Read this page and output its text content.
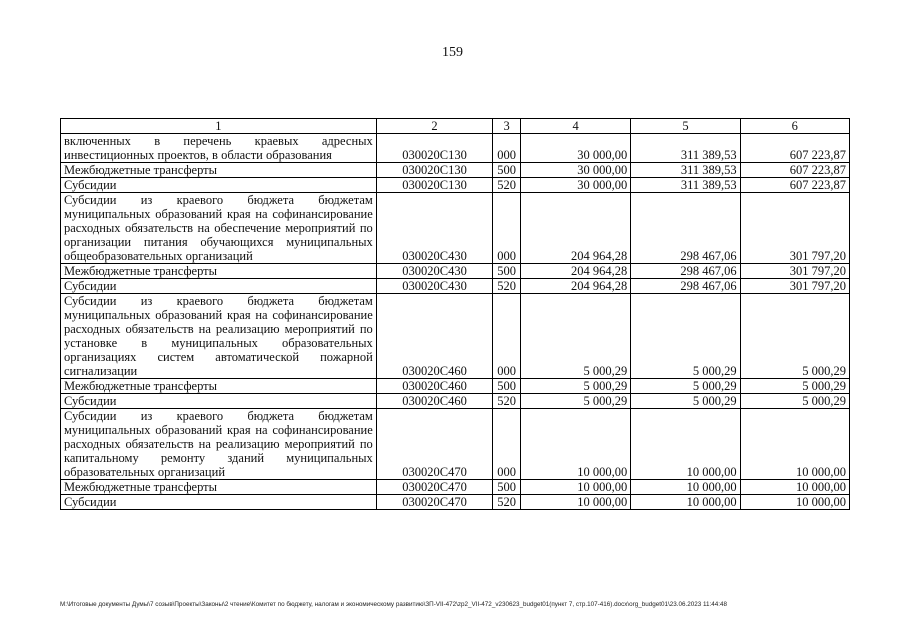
159
1	2	3	4	5	6
включенных в перечень краевых адресных инвестиционных проектов, в области образования	030020С130	000	30 000,00	311 389,53	607 223,87
Межбюджетные трансферты	030020С130	500	30 000,00	311 389,53	607 223,87
Субсидии	030020С130	520	30 000,00	311 389,53	607 223,87
Субсидии из краевого бюджета бюджетам муниципальных образований края на софинансирование расходных обязательств на обеспечение мероприятий по организации питания обучающихся муниципальных общеобразовательных организаций	030020С430	000	204 964,28	298 467,06	301 797,20
Межбюджетные трансферты	030020С430	500	204 964,28	298 467,06	301 797,20
Субсидии	030020С430	520	204 964,28	298 467,06	301 797,20
Субсидии из краевого бюджета бюджетам муниципальных образований края на софинансирование расходных обязательств на реализацию мероприятий по установке в муниципальных образовательных организациях систем автоматической пожарной сигнализации	030020С460	000	5 000,29	5 000,29	5 000,29
Межбюджетные трансферты	030020С460	500	5 000,29	5 000,29	5 000,29
Субсидии	030020С460	520	5 000,29	5 000,29	5 000,29
Субсидии из краевого бюджета бюджетам муниципальных образований края на софинансирование расходных обязательств на реализацию мероприятий по капитальному ремонту зданий муниципальных образовательных организаций	030020С470	000	10 000,00	10 000,00	10 000,00
Межбюджетные трансферты	030020С470	500	10 000,00	10 000,00	10 000,00
Субсидии	030020С470	520	10 000,00	10 000,00	10 000,00
M:\Итоговые документы Думы\7 созыв\Проекты\Законы\2 чтение\Комитет по бюджету, налогам и экономическому развитию\ЗП-VII-472\zp2_VII-472_v230623_budget01(пункт 7, стр.107-416).docx\org_budget01\23.06.2023 11:44:48
